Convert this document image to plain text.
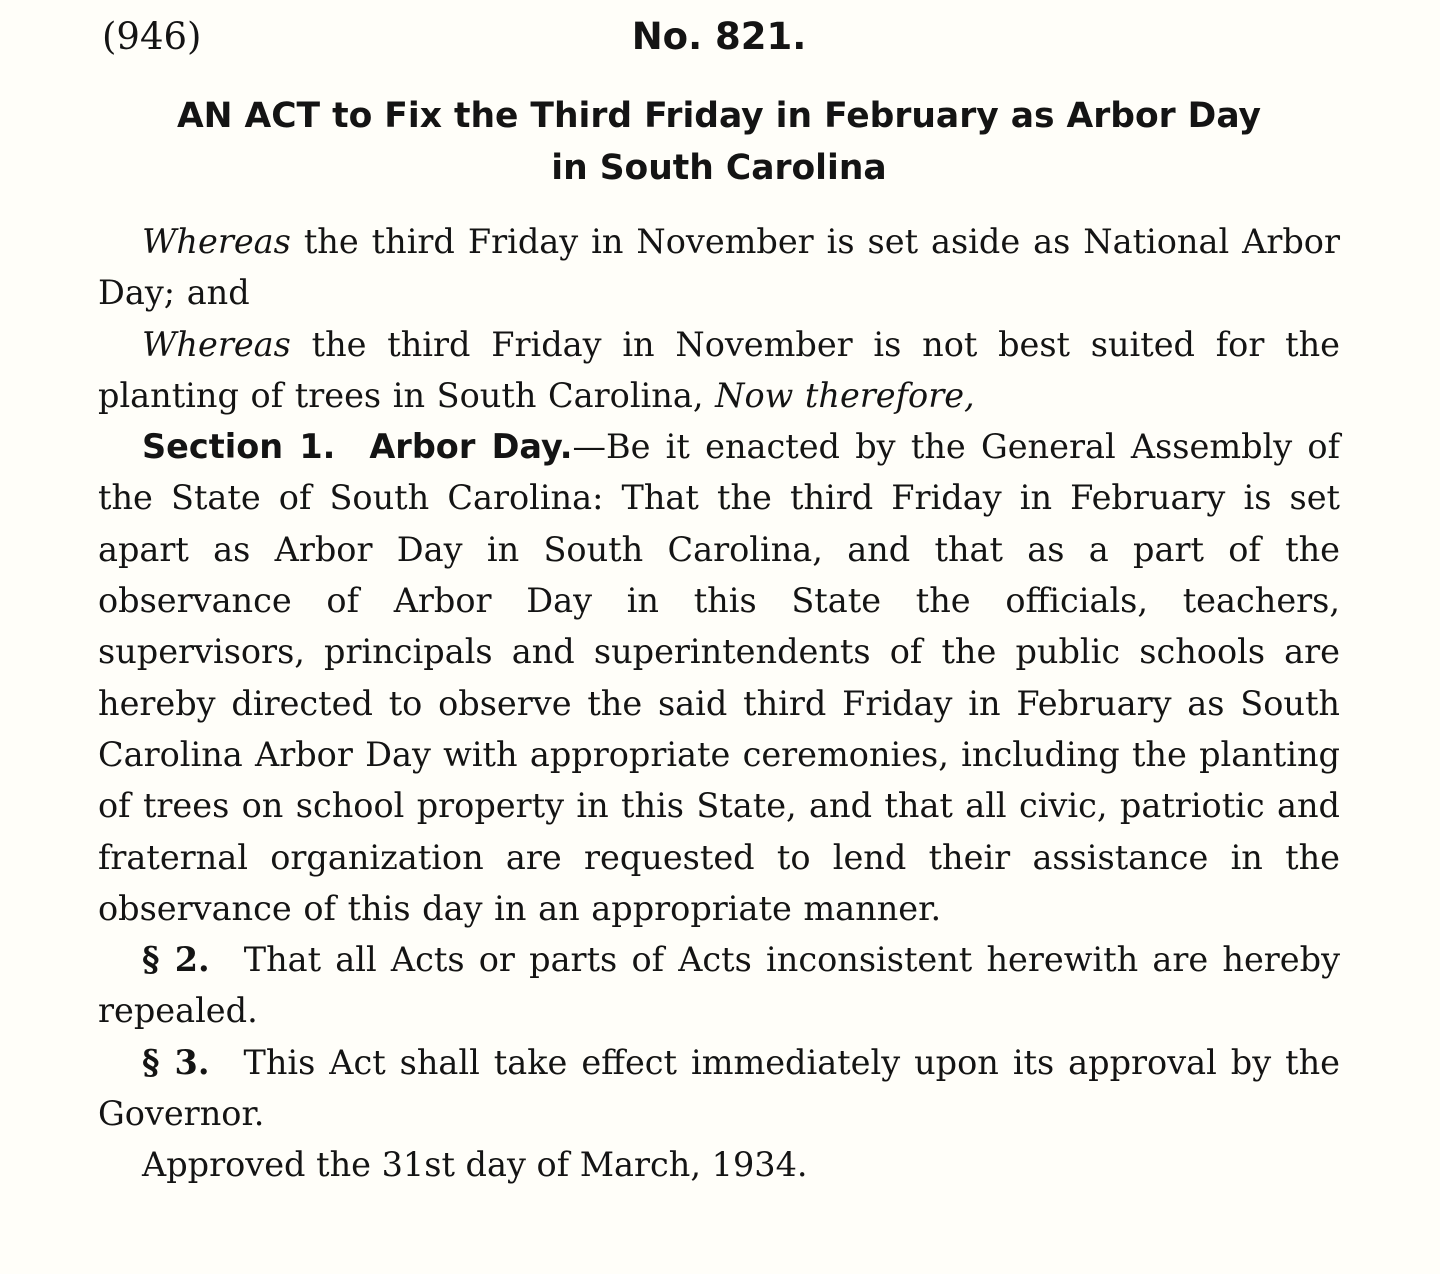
(946)	No. 821.
AN ACT to Fix the Third Friday in February as Arbor Day
in South Carolina

Whereas the third Friday in November is set aside as National Arbor Day; and

Whereas the third Friday in November is not best suited for the planting of trees in South Carolina, Now therefore,

Section 1. Arbor Day.—Be it enacted by the General Assembly of the State of South Carolina: That the third Friday in February is set apart as Arbor Day in South Carolina, and that as a part of the observance of Arbor Day in this State the officials, teachers, supervisors, principals and superintendents of the public schools are hereby directed to observe the said third Friday in February as South Carolina Arbor Day with appropriate ceremonies, including the planting of trees on school property in this State, and that all civic, patriotic and fraternal organization are requested to lend their assistance in the observance of this day in an appropriate manner.

§ 2. That all Acts or parts of Acts inconsistent herewith are hereby repealed.

§ 3. This Act shall take effect immediately upon its approval by the Governor.

Approved the 31st day of March, 1934.
